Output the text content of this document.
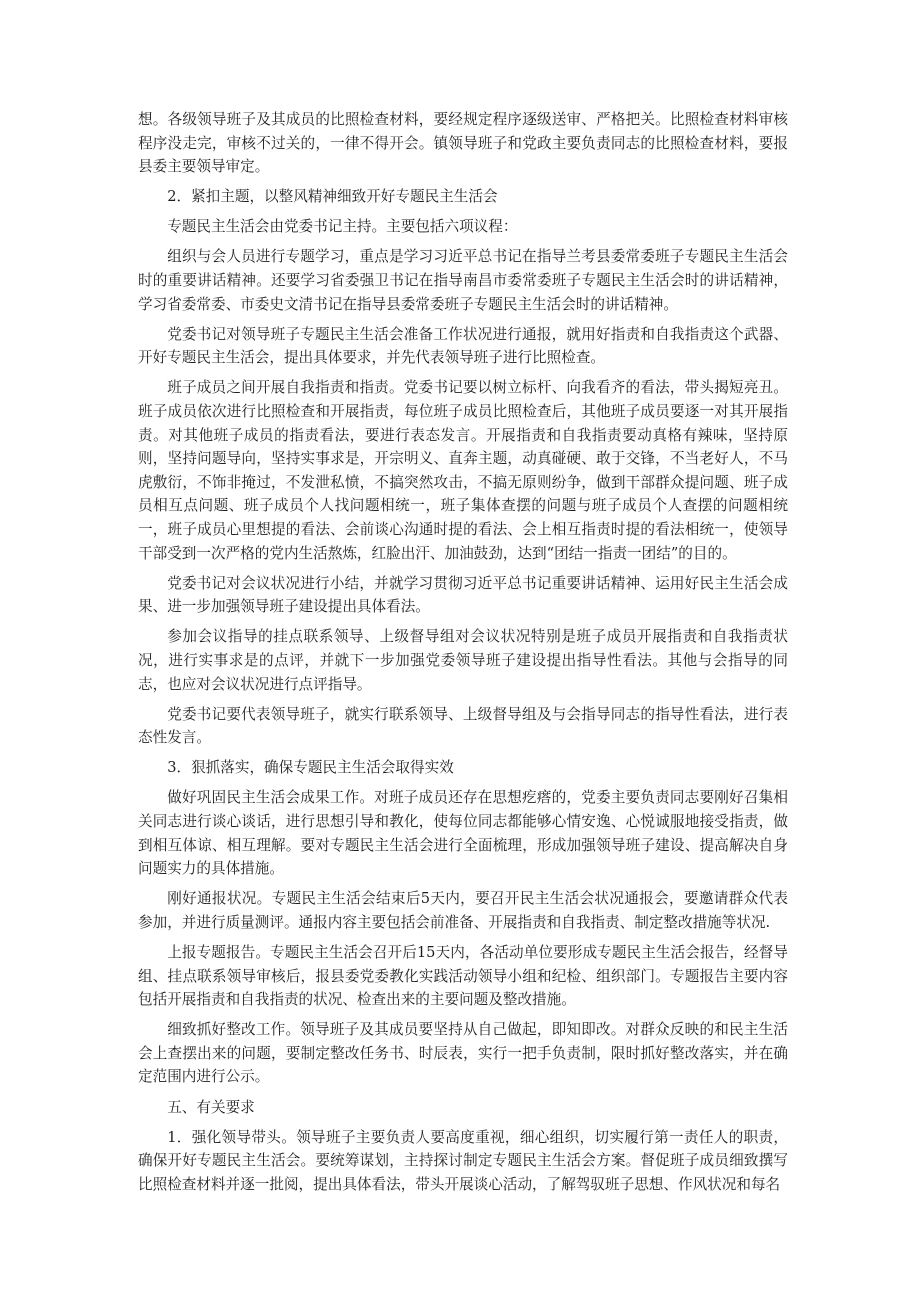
想。各级领导班子及其成员的比照检查材料，要经规定程序逐级送审、严格把关。比照检查材料审核程序没走完，审核不过关的，一律不得开会。镇领导班子和党政主要负责同志的比照检查材料，要报县委主要领导审定。

2．紧扣主题，以整风精神细致开好专题民主生活会

专题民主生活会由党委书记主持。主要包括六项议程：

组织与会人员进行专题学习，重点是学习习近平总书记在指导兰考县委常委班子专题民主生活会时的重要讲话精神。还要学习省委强卫书记在指导南昌市委常委班子专题民主生活会时的讲话精神，学习省委常委、市委史文清书记在指导县委常委班子专题民主生活会时的讲话精神。

党委书记对领导班子专题民主生活会准备工作状况进行通报，就用好指责和自我指责这个武器、开好专题民主生活会，提出具体要求，并先代表领导班子进行比照检查。

班子成员之间开展自我指责和指责。党委书记要以树立标杆、向我看齐的看法，带头揭短亮丑。班子成员依次进行比照检查和开展指责，每位班子成员比照检查后，其他班子成员要逐一对其开展指责。对其他班子成员的指责看法，要进行表态发言。开展指责和自我指责要动真格有辣味，坚持原则，坚持问题导向，坚持实事求是，开宗明义、直奔主题，动真碰硬、敢于交锋，不当老好人，不马虎敷衍，不饰非掩过，不发泄私愤，不搞突然攻击，不搞无原则纷争，做到干部群众提问题、班子成员相互点问题、班子成员个人找问题相统一，班子集体查摆的问题与班子成员个人查摆的问题相统一，班子成员心里想提的看法、会前谈心沟通时提的看法、会上相互指责时提的看法相统一，使领导干部受到一次严格的党内生活熬炼，红脸出汗、加油鼓劲，达到“团结一指责一团结”的目的。

党委书记对会议状况进行小结，并就学习贯彻习近平总书记重要讲话精神、运用好民主生活会成果、进一步加强领导班子建设提出具体看法。

参加会议指导的挂点联系领导、上级督导组对会议状况特别是班子成员开展指责和自我指责状况，进行实事求是的点评，并就下一步加强党委领导班子建设提出指导性看法。其他与会指导的同志，也应对会议状况进行点评指导。

党委书记要代表领导班子，就实行联系领导、上级督导组及与会指导同志的指导性看法，进行表态性发言。

3．狠抓落实，确保专题民主生活会取得实效

做好巩固民主生活会成果工作。对班子成员还存在思想疙瘩的，党委主要负责同志要刚好召集相关同志进行谈心谈话，进行思想引导和教化，使每位同志都能够心情安逸、心悦诚服地接受指责，做到相互体谅、相互理解。要对专题民主生活会进行全面梳理，形成加强领导班子建设、提高解决自身问题实力的具体措施。

刚好通报状况。专题民主生活会结束后5天内，要召开民主生活会状况通报会，要邀请群众代表参加，并进行质量测评。通报内容主要包括会前准备、开展指责和自我指责、制定整改措施等状况.

上报专题报告。专题民主生活会召开后15天内，各活动单位要形成专题民主生活会报告，经督导组、挂点联系领导审核后，报县委党委教化实践活动领导小组和纪检、组织部门。专题报告主要内容包括开展指责和自我指责的状况、检查出来的主要问题及整改措施。

细致抓好整改工作。领导班子及其成员要坚持从自己做起，即知即改。对群众反映的和民主生活会上查摆出来的问题，要制定整改任务书、时辰表，实行一把手负责制，限时抓好整改落实，并在确定范围内进行公示。

五、有关要求

1．强化领导带头。领导班子主要负责人要高度重视，细心组织，切实履行第一责任人的职责，确保开好专题民主生活会。要统筹谋划，主持探讨制定专题民主生活会方案。督促班子成员细致撰写比照检查材料并逐一批阅，提出具体看法，带头开展谈心活动，了解驾驭班子思想、作风状况和每名
